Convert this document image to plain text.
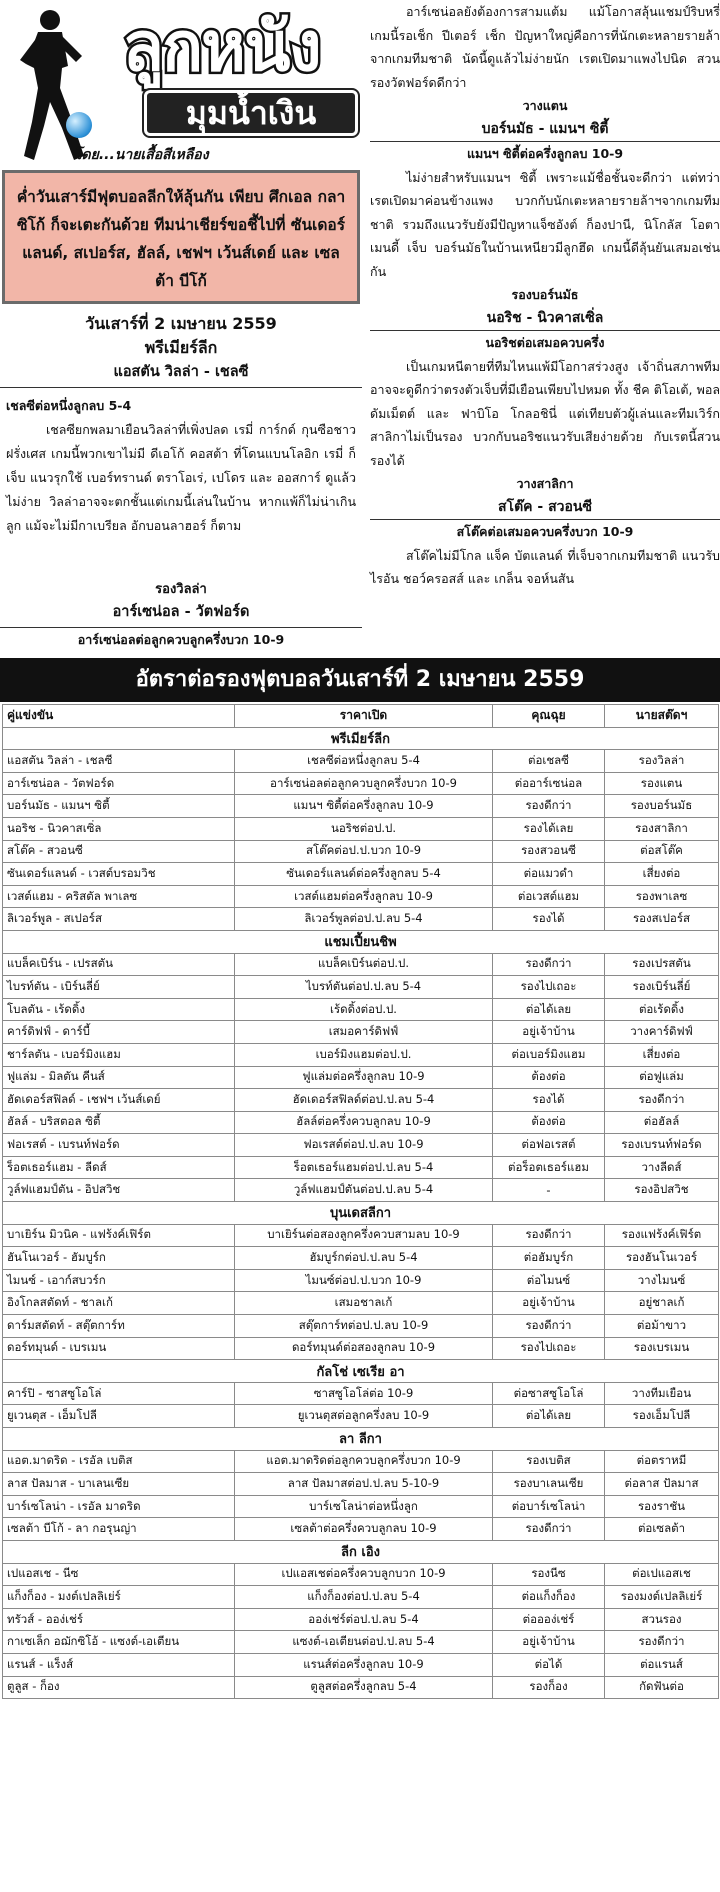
ลูกหนัง
มุมน้ำเงิน
โดย...นายเสื้อสีเหลือง
ค่ำวันเสาร์มีฟุตบอลลีกให้ลุ้นกัน เพียบ ศึกเอล กลาซิโก้ ก็จะเตะกันด้วย ทีมน่าเชียร์ขอชี้ไปที่ ซันเดอร์แลนด์, สเปอร์ส, ฮัลล์, เชฟฯ เว้นส์เดย์ และ เซลต้า บีโก้
วันเสาร์ที่ 2 เมษายน 2559
พรีเมียร์ลีก
แอสตัน วิลล่า - เชลซี
เชลซีต่อหนึ่งลูกลบ 5-4
เชลซียกพลมาเยือนวิลล่าที่เพิ่งปลด เรมี่ การ์กด์ กุนซือชาวฝรั่งเศส เกมนี้พวกเขาไม่มี ดีเอโก้ คอสต้า ที่โดนแบนโลอิก เรมี่ ก็เจ็บ แนวรุกใช้ เบอร์ทรานด์ ตราโอเร่, เปโดร และ ออสการ์ ดูแล้วไม่ง่าย วิลล่าอาจจะตกชั้นแต่เกมนี้เล่นในบ้าน หากแพ้ก็ไม่น่าเกินลูก แม้จะไม่มีกาเบรียล อักบอนลาฮอร์ ก็ตาม
รองวิลล่า
อาร์เซน่อล - วัตฟอร์ด
อาร์เซน่อลต่อลูกควบลูกครึ่งบวก 10-9

อาร์เซน่อลยังต้องการสามแต้ม แม้โอกาสลุ้นแชมป์ริบหรี่ เกมนี้รอเช็ก ปีเตอร์ เช็ก ปัญหาใหญ่คือการที่นักเตะหลายรายล้าจากเกมทีมชาติ นัดนี้ดูแล้วไม่ง่ายนัก เรตเปิดมาแพงไปนิด สวนรองวัตฟอร์ดดีกว่า

วางแตน

บอร์นมัธ - แมนฯ ซิตี้

แมนฯ ซิตี้ต่อครึ่งลูกลบ 10-9

ไม่ง่ายสำหรับแมนฯ ซิตี้ เพราะแม้ชื่อชั้นจะดีกว่า แต่ทว่าเรตเปิดมาค่อนข้างแพง บวกกับนักเตะหลายรายล้าฯจากเกมทีมชาติ รวมถึงแนวรับยังมีปัญหาแจ็ซอังต์ ก็องปานี, นิโกลัส โอตาเมนดี้ เจ็บ บอร์นมัธในบ้านเหนียวมีลูกฮึด เกมนี้ดีลุ้นยันเสมอเช่นกัน

รองบอร์นมัธ

นอริช - นิวคาสเซิ่ล

นอริชต่อเสมอควบครึ่ง

เป็นเกมหนีตายที่ทีมไหนแพ้มีโอกาสร่วงสูง เจ้าถิ่นสภาพทีมอาจจะดูดีกว่าตรงตัวเจ็บที่มีเยือนเพียบไปหมด ทั้ง ชีค ติโอเต้, พอล ดัมเม็ตต์ และ ฟาบิโอ โกลอชินี่ แต่เทียบตัวผู้เล่นและทีมเวิร์ก สาลิกาไม่เป็นรอง บวกกับนอริชแนวรับเสียง่ายด้วย กับเรตนี้สวนรองได้

วางสาลิกา

สโต๊ค - สวอนซี

สโต๊คต่อเสมอควบครึ่งบวก 10-9

สโต๊คไม่มีโกล แจ็ค บัตแลนด์ ที่เจ็บจากเกมทีมชาติ แนวรับ ไรอัน ชอว์ครอสส์ และ เกล็น จอห์นสัน

อัตราต่อรองฟุตบอลวันเสาร์ที่ 2 เมษายน 2559
คู่แข่งขัน	ราคาเปิด	คุณฉุย	นายสต๊ดฯ
พรีเมียร์ลีก			
แอสตัน วิลล่า - เชลซี	เชลซีต่อหนึ่งลูกลบ 5-4	ต่อเชลซี	รองวิลล่า
อาร์เซน่อล - วัตฟอร์ด	อาร์เซน่อลต่อลูกควบลูกครึ่งบวก 10-9	ต่ออาร์เซน่อล	รองแตน
บอร์นมัธ - แมนฯ ซิตี้	แมนฯ ซิตี้ต่อครึ่งลูกลบ 10-9	รองดีกว่า	รองบอร์นมัธ
นอริช - นิวคาสเซิ่ล	นอริชต่อป.ป.	รองได้เลย	รองสาลิกา
สโต๊ค - สวอนซี	สโต๊คต่อป.ป.บวก 10-9	รองสวอนซี	ต่อสโต๊ค
ซันเดอร์แลนด์ - เวสต์บรอมวิช	ซันเดอร์แลนด์ต่อครึ่งลูกลบ 5-4	ต่อแมวดำ	เสี่ยงต่อ
เวสต์แฮม - คริสตัล พาเลซ	เวสต์แฮมต่อครึ่งลูกลบ 10-9	ต่อเวสต์แฮม	รองพาเลซ
ลิเวอร์พูล - สเปอร์ส	ลิเวอร์พูลต่อป.ป.ลบ 5-4	รองได้	รองสเปอร์ส
แชมเปี้ยนชิพ			
แบล็คเบิร์น - เปรสตัน	แบล็คเบิร์นต่อป.ป.	รองดีกว่า	รองเปรสตัน
ไบรท์ตัน - เบิร์นลี่ย์	ไบรท์ตันต่อป.ป.ลบ 5-4	รองไปเถอะ	รองเบิร์นลี่ย์
โบลตัน - เร้ดดิ้ง	เร้ดดิ้งต่อป.ป.	ต่อได้เลย	ต่อเร้ดดิ้ง
คาร์ดิฟฟ์ - ดาร์บี้	เสมอคาร์ดิฟฟ์	อยู่เจ้าบ้าน	วางคาร์ดิฟฟ์
ชาร์ลตัน - เบอร์มิงแฮม	เบอร์มิงแฮมต่อป.ป.	ต่อเบอร์มิงแฮม	เสี่ยงต่อ
ฟูแล่ม - มิลตัน คีนส์	ฟูแล่มต่อครึ่งลูกลบ 10-9	ต้องต่อ	ต่อฟูแล่ม
ฮัดเดอร์สฟิลด์ - เชฟฯ เว้นส์เดย์	ฮัดเดอร์สฟิลด์ต่อป.ป.ลบ 5-4	รองได้	รองดีกว่า
ฮัลล์ - บริสตอล ซิตี้	ฮัลล์ต่อครึ่งควบลูกลบ 10-9	ต้องต่อ	ต่อฮัลล์
ฟอเรสต์ - เบรนท์ฟอร์ด	ฟอเรสต์ต่อป.ป.ลบ 10-9	ต่อฟอเรสต์	รองเบรนท์ฟอร์ด
ร็อตเธอร์แฮม - ลีดส์	ร็อตเธอร์แฮมต่อป.ป.ลบ 5-4	ต่อร็อตเธอร์แฮม	วางลีดส์
วูล์ฟแฮมป์ตัน - อิปสวิช	วูล์ฟแฮมป์ตันต่อป.ป.ลบ 5-4	-	รองอิปสวิช
บุนเดสลีกา			
บาเยิร์น มิวนิค - แฟร้งค์เฟิร์ต	บาเยิร์นต่อสองลูกครึ่งควบสามลบ 10-9	รองดีกว่า	รองแฟร้งค์เฟิร์ต
ฮันโนเวอร์ - ฮัมบูร์ก	ฮัมบูร์กต่อป.ป.ลบ 5-4	ต่อฮัมบูร์ก	รองฮันโนเวอร์
ไมนซ์ - เอาก์สบวร์ก	ไมนซ์ต่อป.ป.บวก 10-9	ต่อไมนซ์	วางไมนซ์
อิงโกลสตัดท์ - ชาลเก้	เสมอชาลเก้	อยู่เจ้าบ้าน	อยู่ชาลเก้
ดาร์มสตัดท์ - สตุ๊ตการ์ท	สตุ๊ตการ์ทต่อป.ป.ลบ 10-9	รองดีกว่า	ต่อม้าขาว
ดอร์ทมุนด์ - เบรเมน	ดอร์ทมุนด์ต่อสองลูกลบ 10-9	รองไปเถอะ	รองเบรเมน
กัลโช่ เซเรีย อา			
คาร์ปิ - ซาสซูโอโล่	ซาสซูโอโล่ต่อ 10-9	ต่อซาสซูโอโล่	วางทีมเยือน
ยูเวนตุส - เอ็มโปลี	ยูเวนตุสต่อลูกครึ่งลบ 10-9	ต่อได้เลย	รองเอ็มโปลี
ลา ลีกา			
แอต.มาดริด - เรอัล เบติส	แอต.มาดริดต่อลูกควบลูกครึ่งบวก 10-9	รองเบติส	ต่อตราหมี
ลาส ปัลมาส - บาเลนเซีย	ลาส ปัลมาสต่อป.ป.ลบ 5-10-9	รองบาเลนเซีย	ต่อลาส ปัลมาส
บาร์เซโลน่า - เรอัล มาดริด	บาร์เซโลน่าต่อหนึ่งลูก	ต่อบาร์เซโลน่า	รองราชัน
เซลต้า บีโก้ - ลา กอรุนญ่า	เซลต้าต่อครึ่งควบลูกลบ 10-9	รองดีกว่า	ต่อเซลต้า
ลีก เอิง			
เปแอสเช - นีซ	เปแอสเชต่อครึ่งควบลูกบวก 10-9	รองนีซ	ต่อเปแอสเช
แก็งก็อง - มงต์เปลลิเย่ร์	แก็งก็องต่อป.ป.ลบ 5-4	ต่อแก็งก็อง	รองมงต์เปลลิเย่ร์
ทรัวส์ - ออง่เช่ร์	ออง่เช่ร์ต่อป.ป.ลบ 5-4	ต่อออง่เช่ร์	สวนรอง
กาเซเล็ก อฌักซิโอ้ - แซงต์-เอเตียน	แซงต์-เอเตียนต่อป.ป.ลบ 5-4	อยู่เจ้าบ้าน	รองดีกว่า
แรนส์ - แร็งส์	แรนส์ต่อครึ่งลูกลบ 10-9	ต่อได้	ต่อแรนส์
ตูลูส - ก็อง	ตูลูสต่อครึ่งลูกลบ 5-4	รองก็อง	กัดฟันต่อ
